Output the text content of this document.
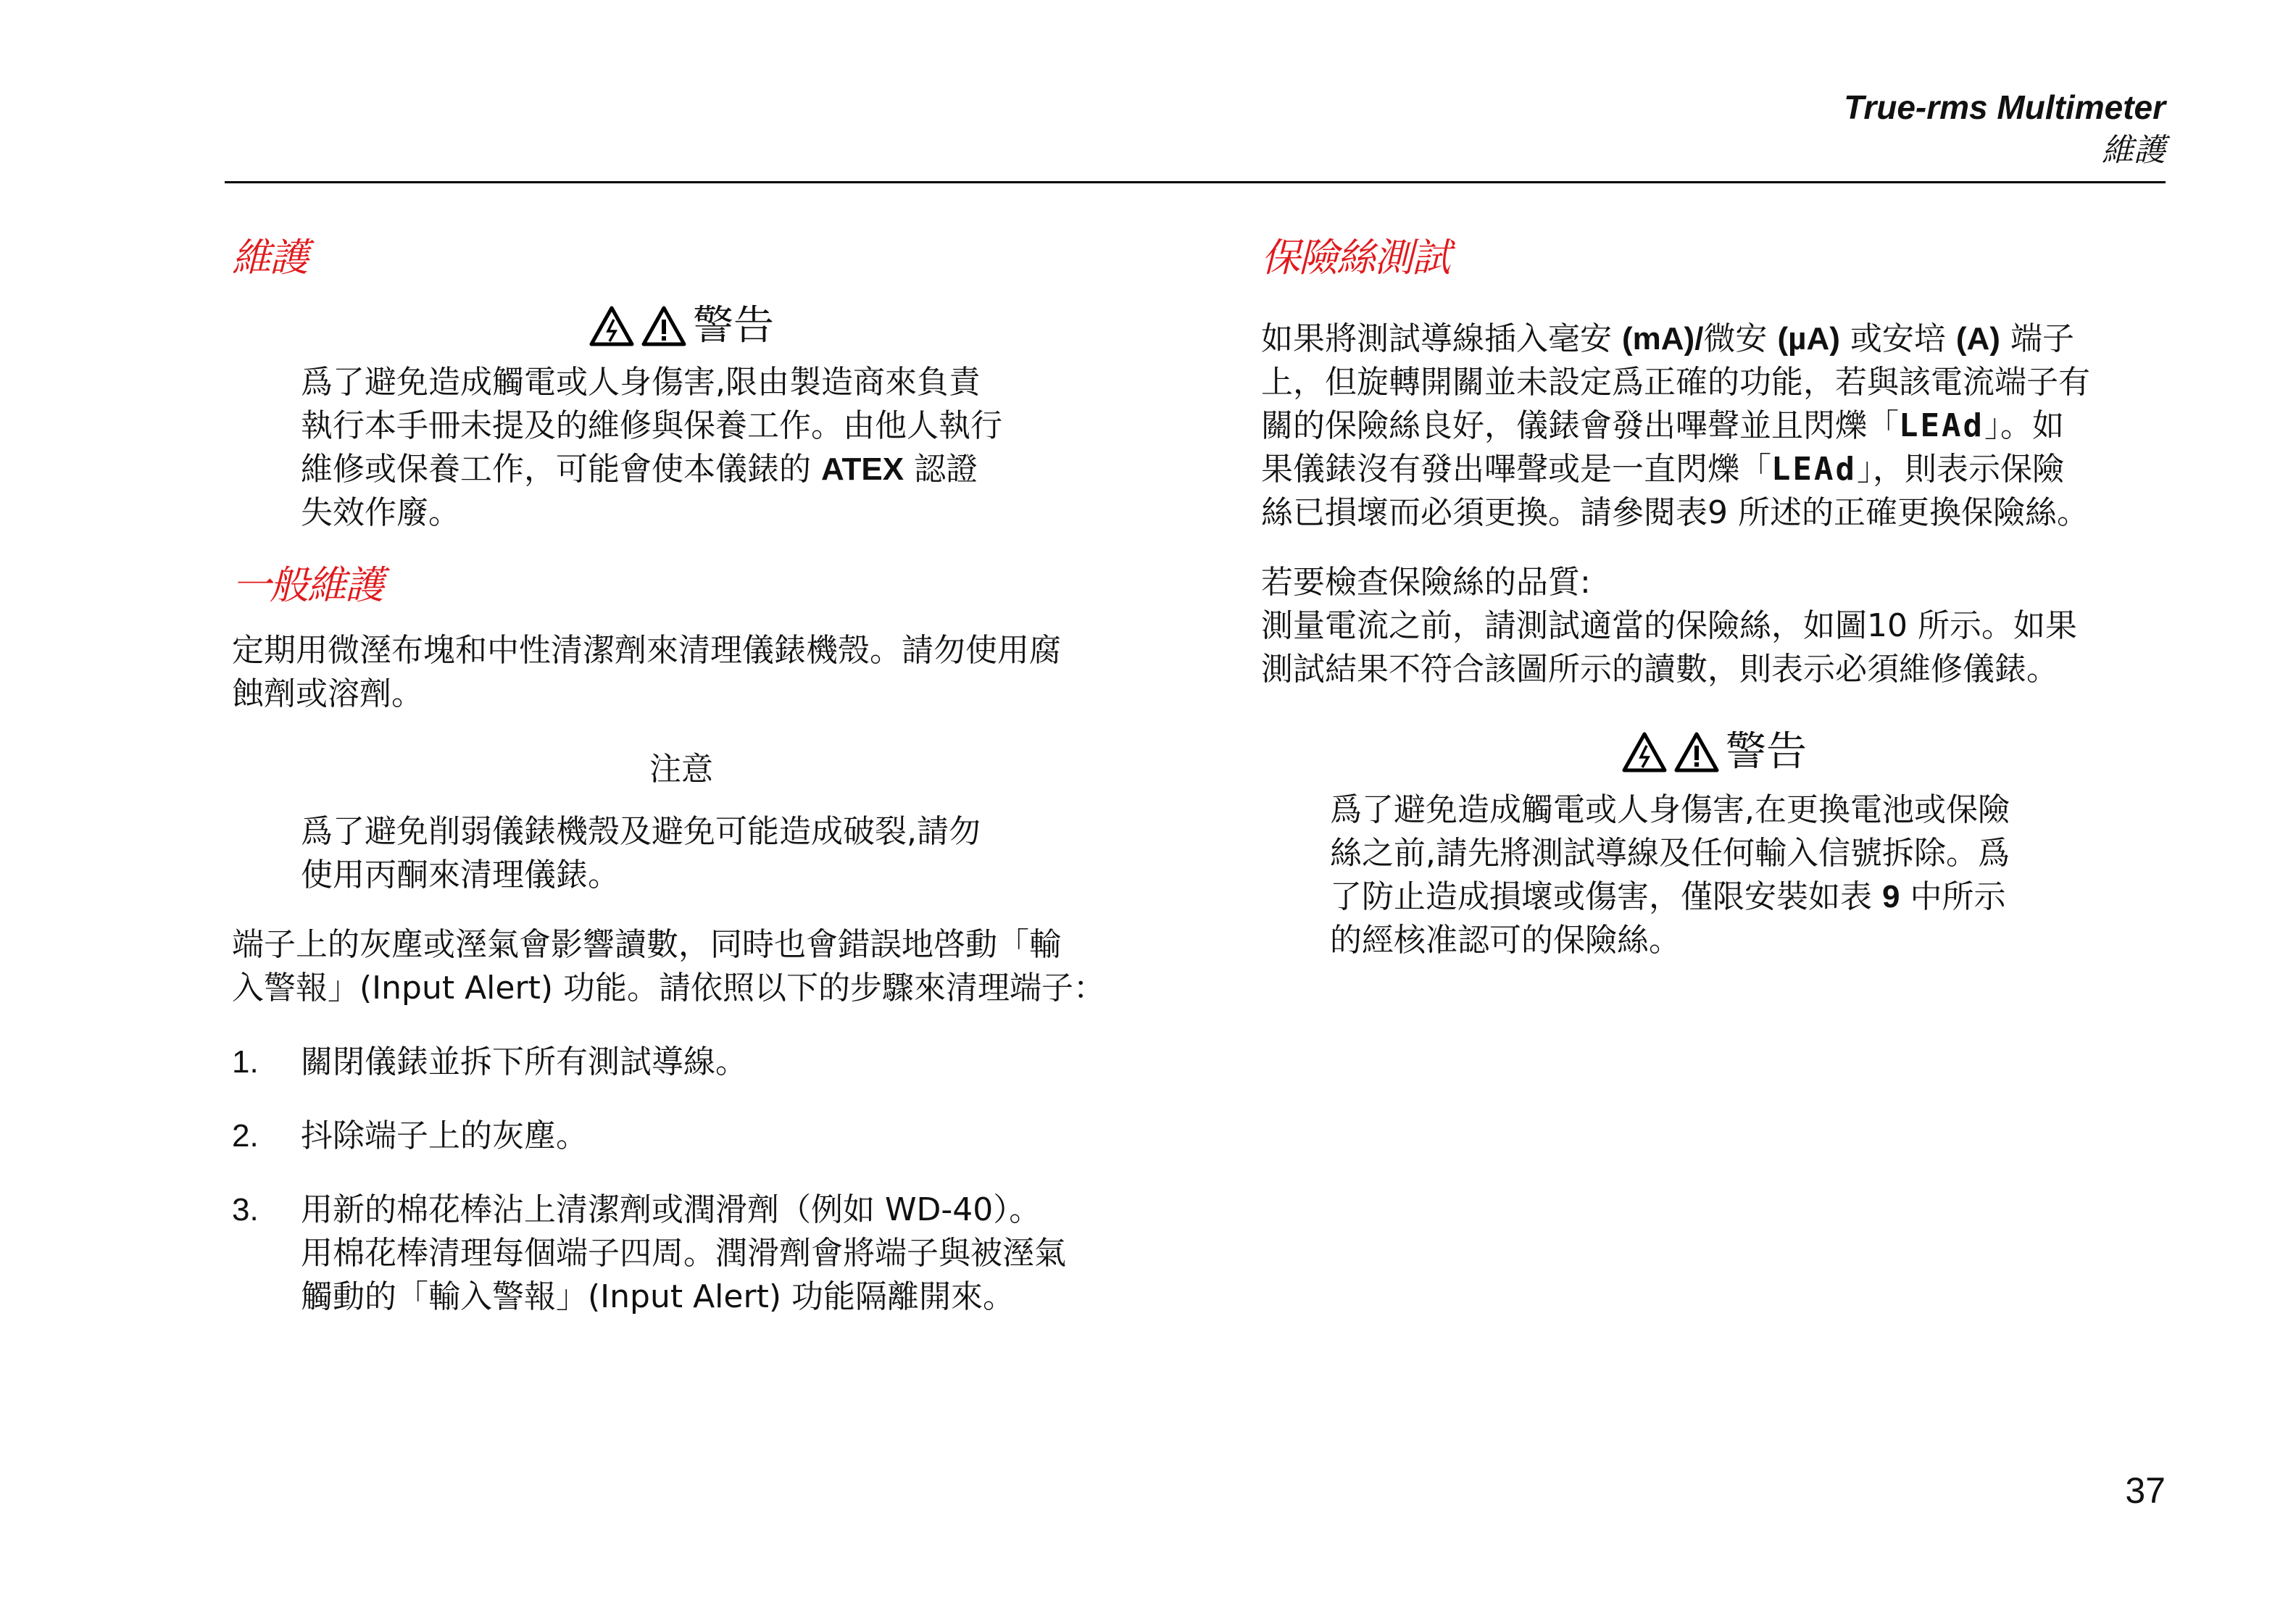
True-rms Multimeter
維護
維護
警告

爲了避免造成觸電或人身傷害,限由製造商來負責

執行本手冊未提及的維修與保養工作。由他人執行

維修或保養工作，可能會使本儀錶的 ATEX 認證

失效作廢。

一般維護

定期用微溼布塊和中性清潔劑來清理儀錶機殼。請勿使用腐

蝕劑或溶劑。

注意

爲了避免削弱儀錶機殼及避免可能造成破裂,請勿

使用丙酮來清理儀錶。

端子上的灰塵或溼氣會影響讀數，同時也會錯誤地啓動「輸

入警報」(Input Alert) 功能。請依照以下的步驟來清理端子：

1.	關閉儀錶並拆下所有測試導線。
2.	抖除端子上的灰塵。
3.	用新的棉花棒沾上清潔劑或潤滑劑（例如 WD-40）。
用棉花棒清理每個端子四周。潤滑劑會將端子與被溼氣
觸動的「輸入警報」(Input Alert) 功能隔離開來。
保險絲測試

如果將測試導線插入毫安 (mA)/微安 (µA) 或安培 (A) 端子

上，但旋轉開關並未設定爲正確的功能，若與該電流端子有

關的保險絲良好，儀錶會發出嗶聲並且閃爍「LEAd」。如

果儀錶沒有發出嗶聲或是一直閃爍「LEAd」，則表示保險

絲已損壞而必須更換。請參閱表9 所述的正確更換保險絲。

若要檢查保險絲的品質:

測量電流之前，請測試適當的保險絲，如圖10 所示。如果

測試結果不符合該圖所示的讀數，則表示必須維修儀錶。

警告

爲了避免造成觸電或人身傷害,在更換電池或保險

絲之前,請先將測試導線及任何輸入信號拆除。爲

了防止造成損壞或傷害，僅限安裝如表 9 中所示

的經核准認可的保險絲。

37
